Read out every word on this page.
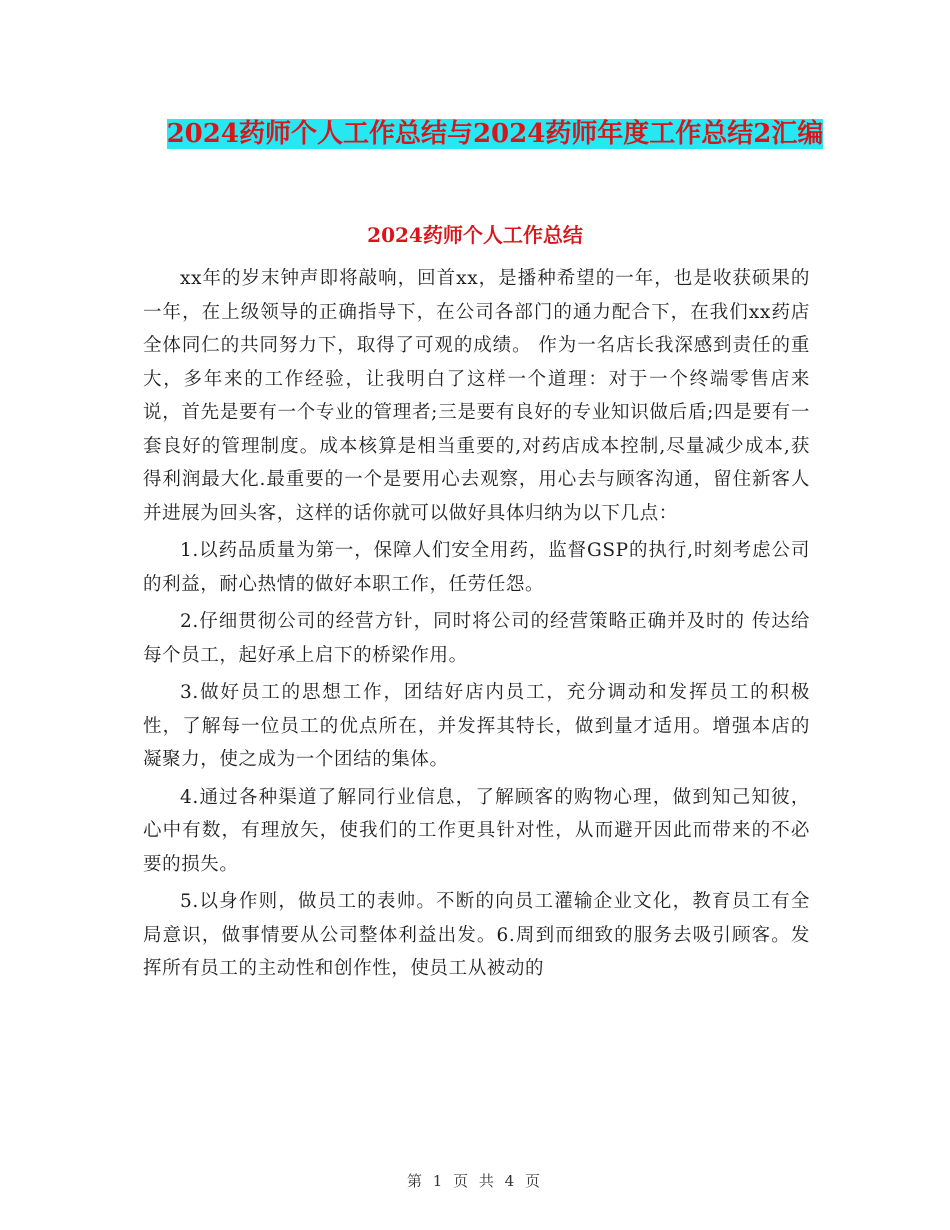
2024药师个人工作总结与2024药师年度工作总结2汇编
2024药师个人工作总结

xx年的岁末钟声即将敲响，回首xx，是播种希望的一年，也是收获硕果的一年，在上级领导的正确指导下，在公司各部门的通力配合下，在我们xx药店全体同仁的共同努力下，取得了可观的成绩。 作为一名店长我深感到责任的重大，多年来的工作经验，让我明白了这样一个道理：对于一个终端零售店来说，首先是要有一个专业的管理者;三是要有良好的专业知识做后盾;四是要有一套良好的管理制度。成本核算是相当重要的,对药店成本控制,尽量减少成本,获得利润最大化.最重要的一个是要用心去观察，用心去与顾客沟通，留住新客人并进展为回头客，这样的话你就可以做好具体归纳为以下几点：

1.以药品质量为第一，保障人们安全用药，监督GSP的执行,时刻考虑公司的利益，耐心热情的做好本职工作，任劳任怨。

2.仔细贯彻公司的经营方针，同时将公司的经营策略正确并及时的 传达给每个员工，起好承上启下的桥梁作用。

3.做好员工的思想工作，团结好店内员工，充分调动和发挥员工的积极性，了解每一位员工的优点所在，并发挥其特长，做到量才适用。增强本店的凝聚力，使之成为一个团结的集体。

4.通过各种渠道了解同行业信息，了解顾客的购物心理，做到知己知彼，心中有数，有理放矢，使我们的工作更具针对性，从而避开因此而带来的不必要的损失。

5.以身作则，做员工的表帅。不断的向员工灌输企业文化，教育员工有全局意识，做事情要从公司整体利益出发。6.周到而细致的服务去吸引顾客。发挥所有员工的主动性和创作性，使员工从被动的

第 1 页 共 4 页
